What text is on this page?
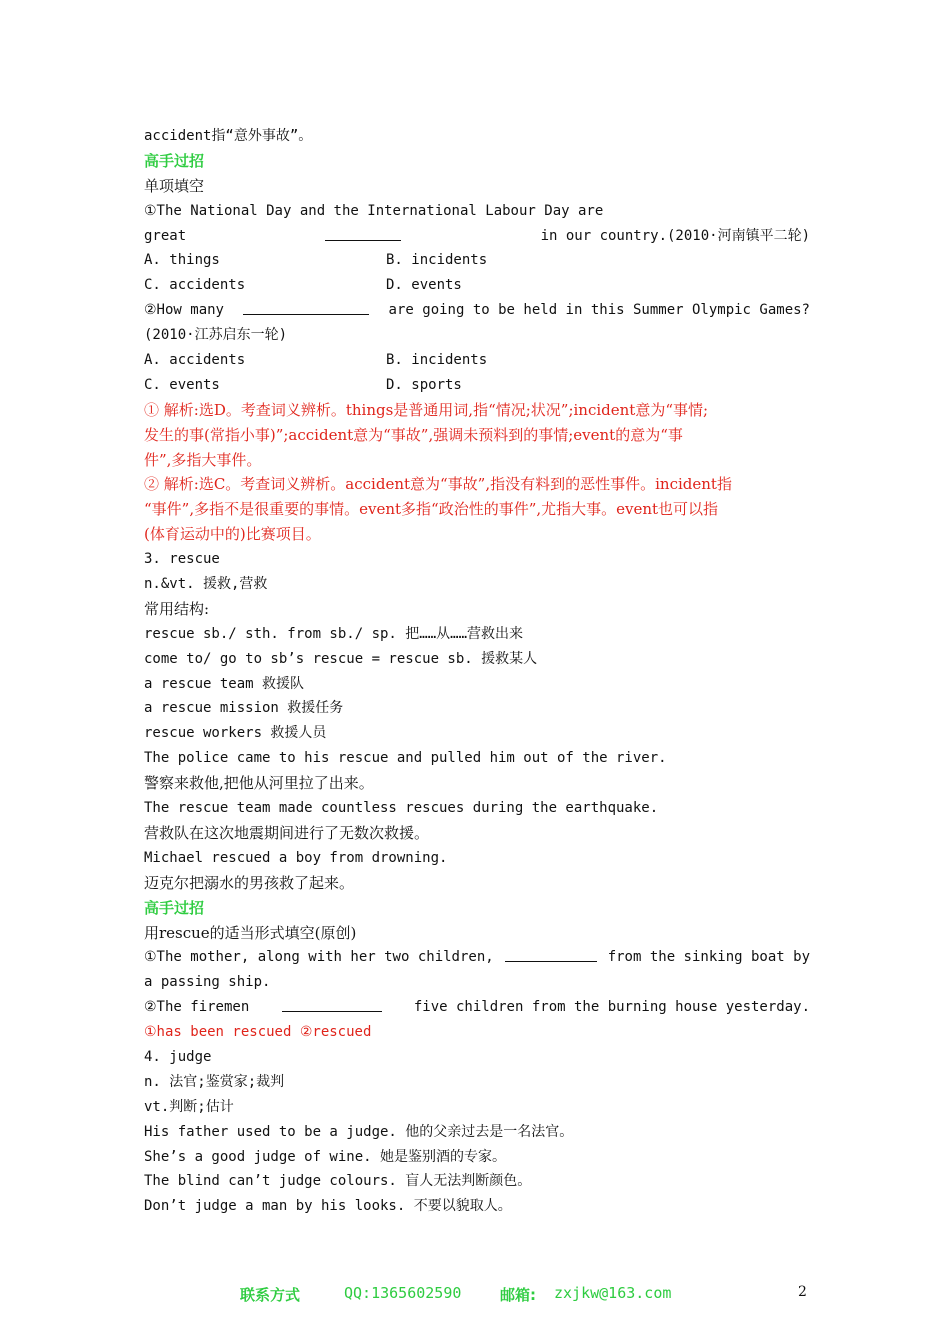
accident指“意外事故”。
高手过招
单项填空
①The National Day and the International Labour Day are
great	in our country.(2010·河南镇平二轮)
A. things	B. incidents
C. accidents	D. events
②How many	are going to be held in this Summer Olympic Games?
(2010·江苏启东一轮)
A. accidents	B. incidents
C. events	D. sports
① 解析:选D。考查词义辨析。things是普通用词,指“情况;状况”;incident意为“事情;
发生的事(常指小事)”;accident意为“事故”,强调未预料到的事情;event的意为“事
件”,多指大事件。
② 解析:选C。考查词义辨析。accident意为“事故”,指没有料到的恶性事件。incident指
“事件”,多指不是很重要的事情。event多指“政治性的事件”,尤指大事。event也可以指
(体育运动中的)比赛项目。
3. rescue
n.&vt. 援救,营救
常用结构:
rescue sb./ sth. from sb./ sp. 把……从……营救出来
come to/ go to sb’s rescue = rescue sb. 援救某人
a rescue team 救援队
a rescue mission 救援任务
rescue workers 救援人员
The police came to his rescue and pulled him out of the river.
警察来救他,把他从河里拉了出来。
The rescue team made countless rescues during the earthquake.
营救队在这次地震期间进行了无数次救援。
Michael rescued a boy from drowning.
迈克尔把溺水的男孩救了起来。
高手过招
用rescue的适当形式填空(原创)
①The mother, along with her two children,	from the sinking boat by
a passing ship.
②The firemen	five children from the burning house yesterday.
①has been rescued ②rescued
4. judge
n. 法官;鉴赏家;裁判
vt.判断;估计
His father used to be a judge. 他的父亲过去是一名法官。
She’s a good judge of wine. 她是鉴别酒的专家。
The blind can’t judge colours. 盲人无法判断颜色。
Don’t judge a man by his looks. 不要以貌取人。
联系方式	QQ:1365602590	邮箱: zxjkw@163.com	2
